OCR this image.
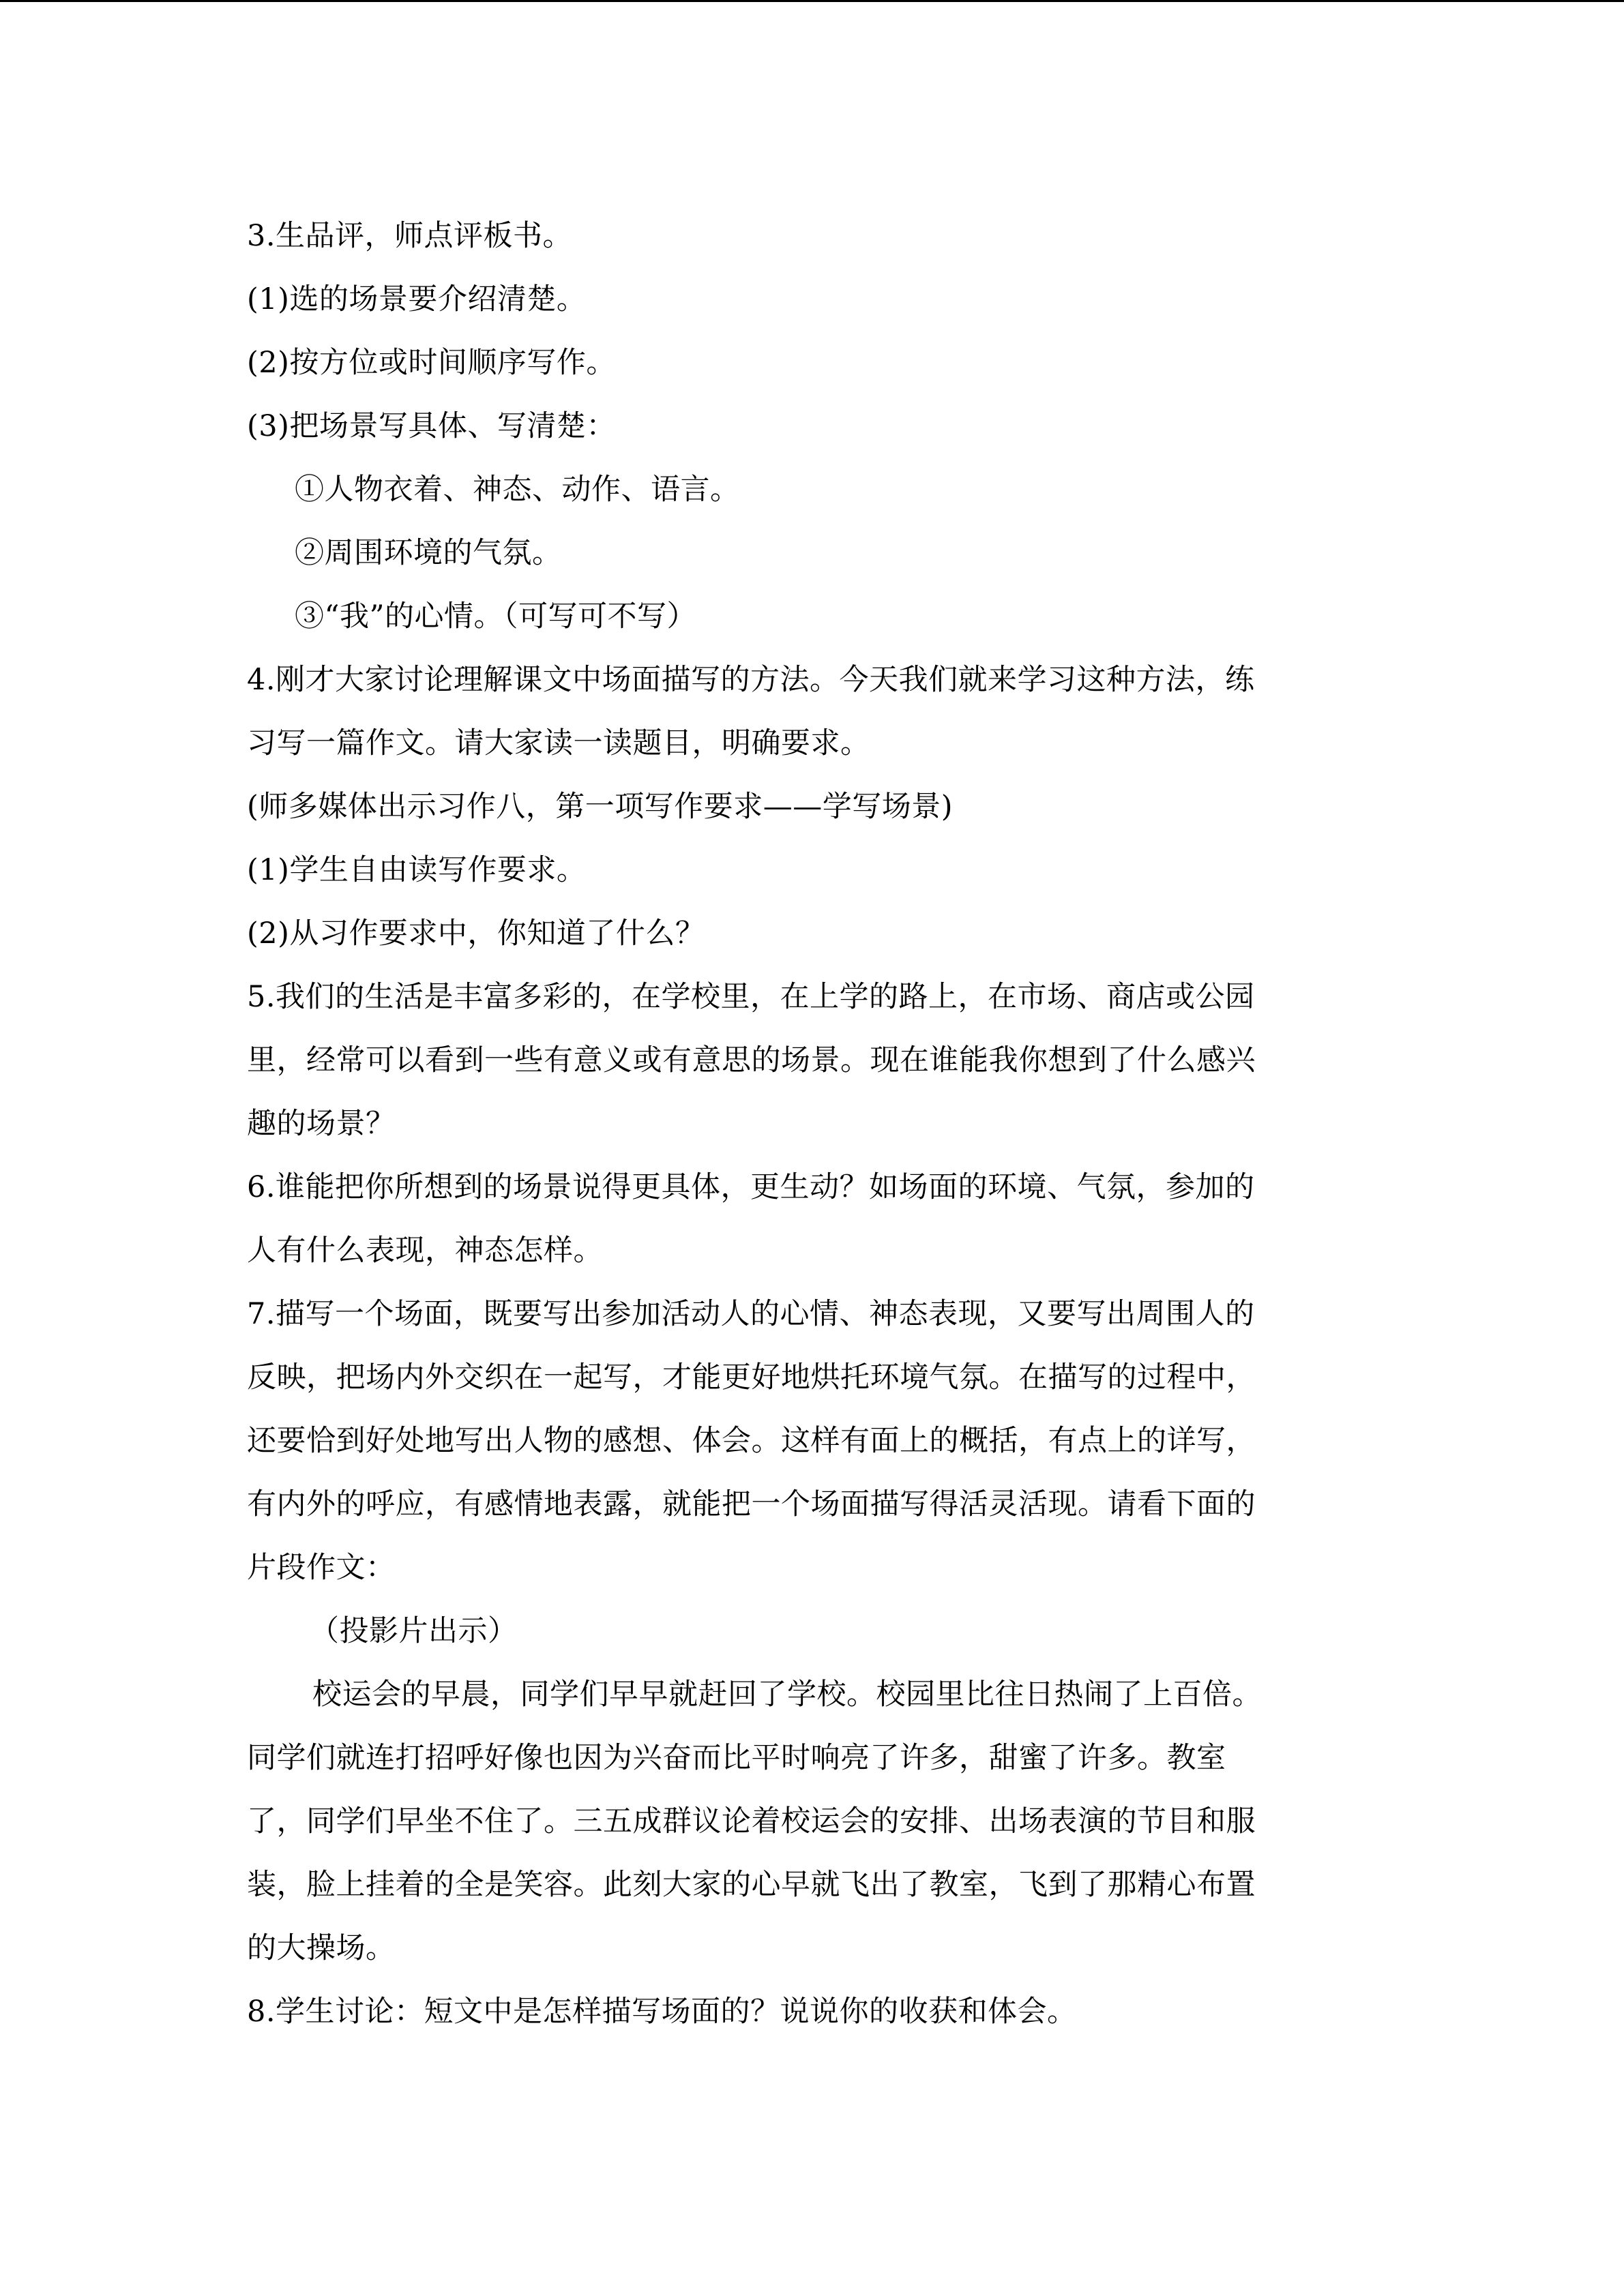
3.生品评，师点评板书。
(1)选的场景要介绍清楚。
(2)按方位或时间顺序写作。
(3)把场景写具体、写清楚：
①人物衣着、神态、动作、语言。
②周围环境的气氛。
③“我”的心情。（可写可不写）
4.刚才大家讨论理解课文中场面描写的方法。今天我们就来学习这种方法，练
习写一篇作文。请大家读一读题目，明确要求。
(师多媒体出示习作八，第一项写作要求——学写场景)
(1)学生自由读写作要求。
(2)从习作要求中，你知道了什么？
5.我们的生活是丰富多彩的，在学校里，在上学的路上，在市场、商店或公园
里，经常可以看到一些有意义或有意思的场景。现在谁能我你想到了什么感兴
趣的场景？
6.谁能把你所想到的场景说得更具体，更生动？如场面的环境、气氛，参加的
人有什么表现，神态怎样。
7.描写一个场面，既要写出参加活动人的心情、神态表现，又要写出周围人的
反映，把场内外交织在一起写，才能更好地烘托环境气氛。在描写的过程中，
还要恰到好处地写出人物的感想、体会。这样有面上的概括，有点上的详写，
有内外的呼应，有感情地表露，就能把一个场面描写得活灵活现。请看下面的
片段作文：
（投影片出示）
校运会的早晨，同学们早早就赶回了学校。校园里比往日热闹了上百倍。
同学们就连打招呼好像也因为兴奋而比平时响亮了许多，甜蜜了许多。教室
了，同学们早坐不住了。三五成群议论着校运会的安排、出场表演的节目和服
装，脸上挂着的全是笑容。此刻大家的心早就飞出了教室，飞到了那精心布置
的大操场。
8.学生讨论：短文中是怎样描写场面的？说说你的收获和体会。
